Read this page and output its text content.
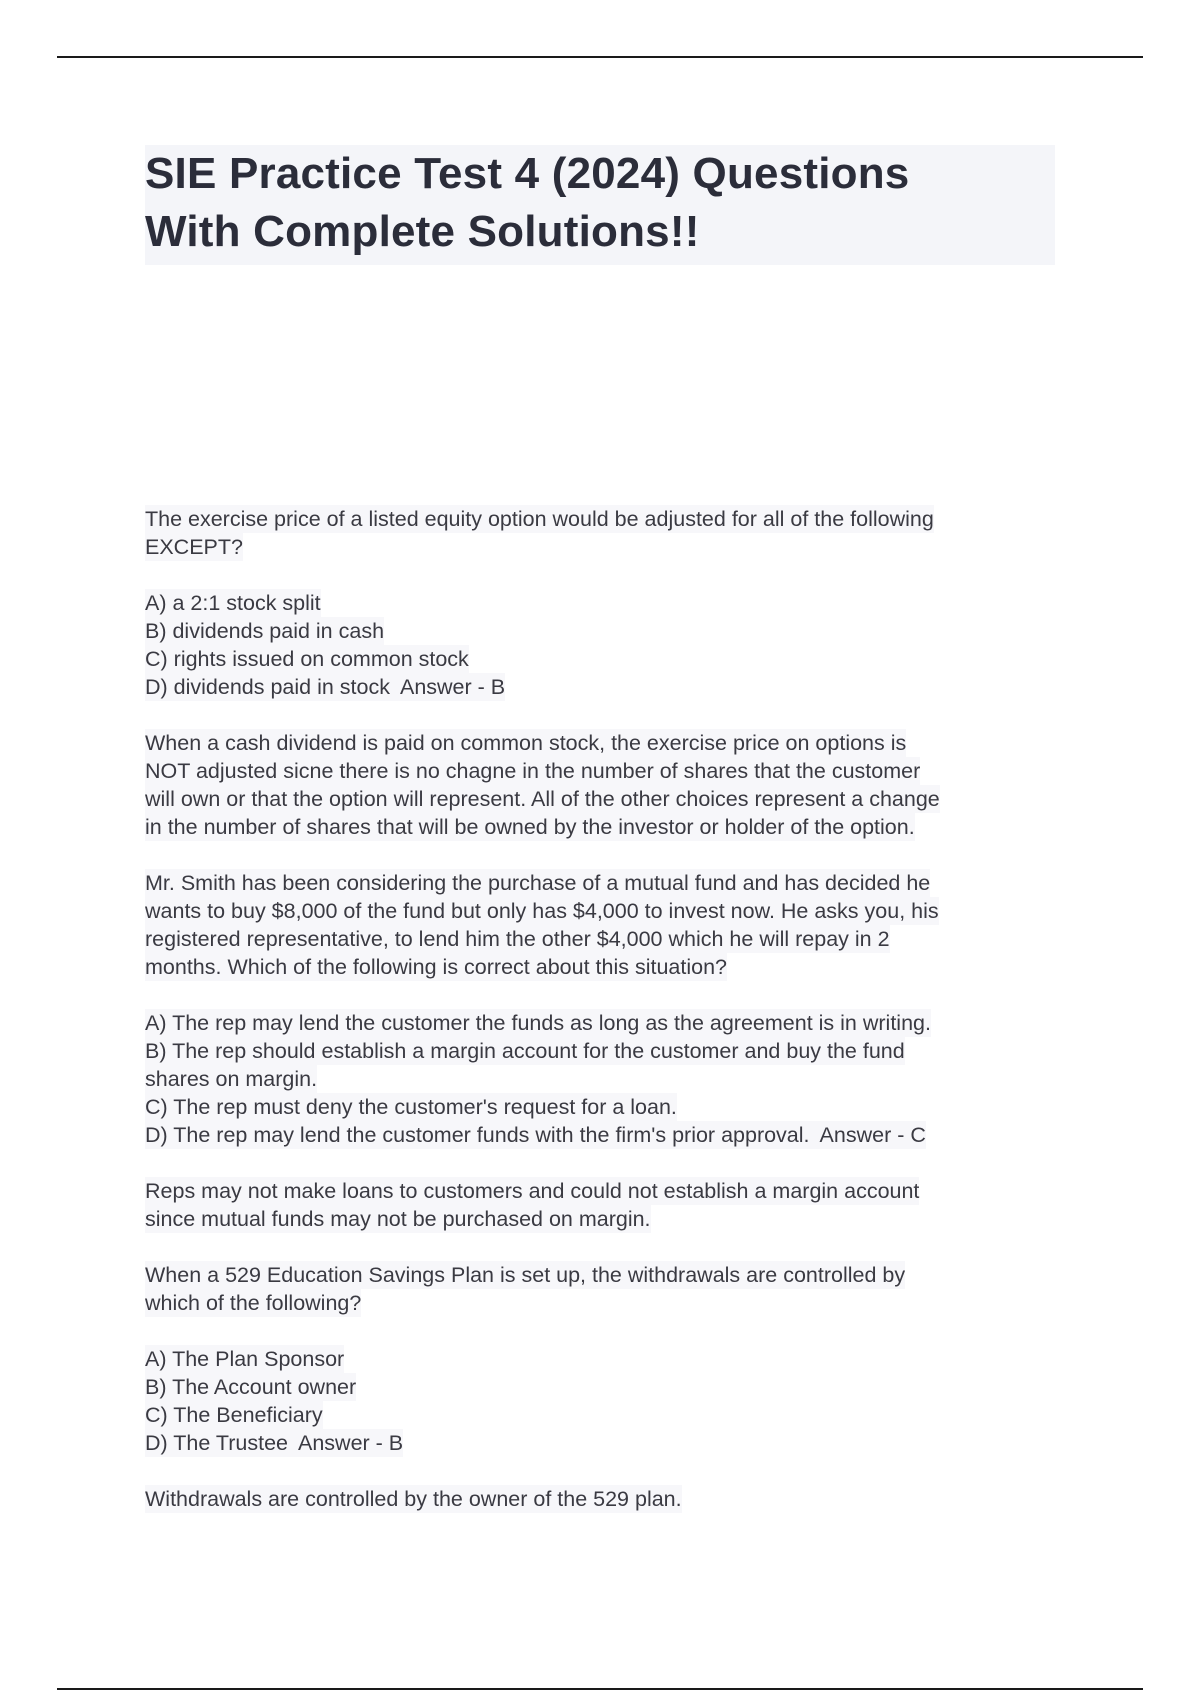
SIE Practice Test 4 (2024) Questions
With Complete Solutions!!
The exercise price of a listed equity option would be adjusted for all of the following
EXCEPT?
A) a 2:1 stock split
B) dividends paid in cash
C) rights issued on common stock
D) dividends paid in stock Answer - B
When a cash dividend is paid on common stock, the exercise price on options is
NOT adjusted sicne there is no chagne in the number of shares that the customer
will own or that the option will represent. All of the other choices represent a change
in the number of shares that will be owned by the investor or holder of the option.
Mr. Smith has been considering the purchase of a mutual fund and has decided he
wants to buy $8,000 of the fund but only has $4,000 to invest now. He asks you, his
registered representative, to lend him the other $4,000 which he will repay in 2
months. Which of the following is correct about this situation?
A) The rep may lend the customer the funds as long as the agreement is in writing.
B) The rep should establish a margin account for the customer and buy the fund
shares on margin.
C) The rep must deny the customer's request for a loan.
D) The rep may lend the customer funds with the firm's prior approval. Answer - C
Reps may not make loans to customers and could not establish a margin account
since mutual funds may not be purchased on margin.
When a 529 Education Savings Plan is set up, the withdrawals are controlled by
which of the following?
A) The Plan Sponsor
B) The Account owner
C) The Beneficiary
D) The Trustee Answer - B
Withdrawals are controlled by the owner of the 529 plan.
